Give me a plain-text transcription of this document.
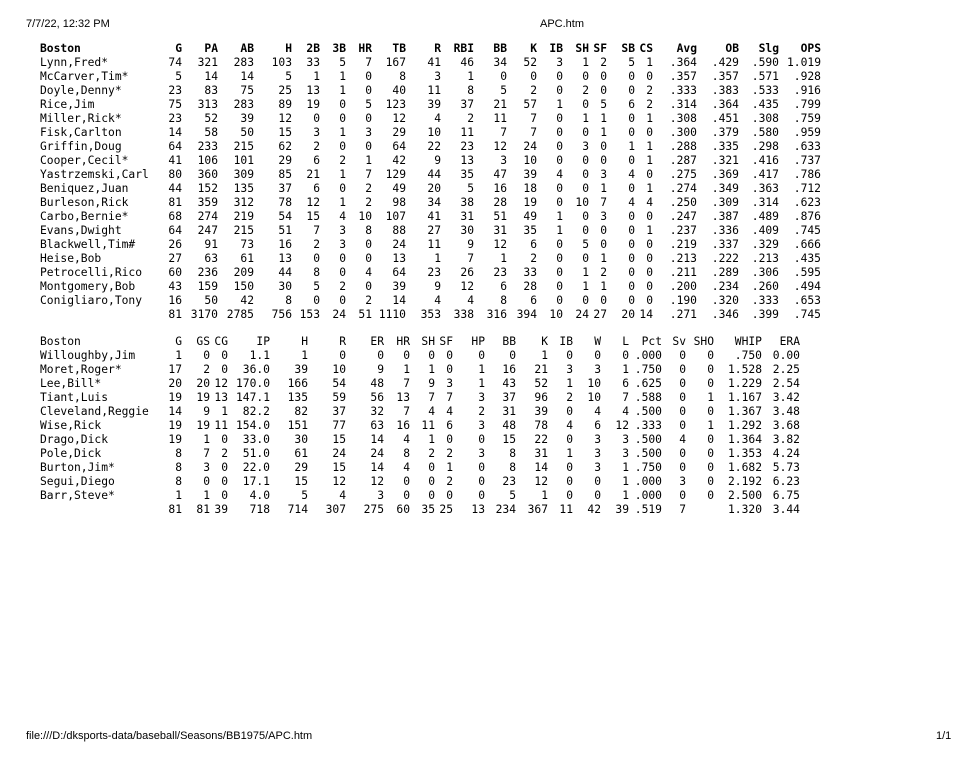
7/7/22, 12:32 PM	APC.htm
Boston	G	PA	AB	H	2B	3B	HR	TB	R	RBI	BB	K	IB	SH	SF	SB	CS	Avg	OB	Slg	OPS
Lynn,Fred*	74	321	283	103	33	5	7	167	41	46	34	52	3	1	2	5	1	.364	.429	.590	1.019
McCarver,Tim*	5	14	14	5	1	1	0	8	3	1	0	0	0	0	0	0	0	.357	.357	.571	.928
Doyle,Denny*	23	83	75	25	13	1	0	40	11	8	5	2	0	2	0	0	2	.333	.383	.533	.916
Rice,Jim	75	313	283	89	19	0	5	123	39	37	21	57	1	0	5	6	2	.314	.364	.435	.799
Miller,Rick*	23	52	39	12	0	0	0	12	4	2	11	7	0	1	1	0	1	.308	.451	.308	.759
Fisk,Carlton	14	58	50	15	3	1	3	29	10	11	7	7	0	0	1	0	0	.300	.379	.580	.959
Griffin,Doug	64	233	215	62	2	0	0	64	22	23	12	24	0	3	0	1	1	.288	.335	.298	.633
Cooper,Cecil*	41	106	101	29	6	2	1	42	9	13	3	10	0	0	0	0	1	.287	.321	.416	.737
Yastrzemski,Carl	80	360	309	85	21	1	7	129	44	35	47	39	4	0	3	4	0	.275	.369	.417	.786
Beniquez,Juan	44	152	135	37	6	0	2	49	20	5	16	18	0	0	1	0	1	.274	.349	.363	.712
Burleson,Rick	81	359	312	78	12	1	2	98	34	38	28	19	0	10	7	4	4	.250	.309	.314	.623
Carbo,Bernie*	68	274	219	54	15	4	10	107	41	31	51	49	1	0	3	0	0	.247	.387	.489	.876
Evans,Dwight	64	247	215	51	7	3	8	88	27	30	31	35	1	0	0	0	1	.237	.336	.409	.745
Blackwell,Tim#	26	91	73	16	2	3	0	24	11	9	12	6	0	5	0	0	0	.219	.337	.329	.666
Heise,Bob	27	63	61	13	0	0	0	13	1	7	1	2	0	0	1	0	0	.213	.222	.213	.435
Petrocelli,Rico	60	236	209	44	8	0	4	64	23	26	23	33	0	1	2	0	0	.211	.289	.306	.595
Montgomery,Bob	43	159	150	30	5	2	0	39	9	12	6	28	0	1	1	0	0	.200	.234	.260	.494
Conigliaro,Tony	16	50	42	8	0	0	2	14	4	4	8	6	0	0	0	0	0	.190	.320	.333	.653
	81	3170	2785	756	153	24	51	1110	353	338	316	394	10	24	27	20	14	.271	.346	.399	.745
Boston	G	GS	CG	IP	H	R	ER	HR	SH	SF	HP	BB	K	IB	W	L	Pct	Sv	SHO	WHIP	ERA
Willoughby,Jim	1	0	0	1.1	1	0	0	0	0	0	0	0	1	0	0	0	.000	0	0	.750	0.00
Moret,Roger*	17	2	0	36.0	39	10	9	1	1	0	1	16	21	3	3	1	.750	0	0	1.528	2.25
Lee,Bill*	20	20	12	170.0	166	54	48	7	9	3	1	43	52	1	10	6	.625	0	0	1.229	2.54
Tiant,Luis	19	19	13	147.1	135	59	56	13	7	7	3	37	96	2	10	7	.588	0	1	1.167	3.42
Cleveland,Reggie	14	9	1	82.2	82	37	32	7	4	4	2	31	39	0	4	4	.500	0	0	1.367	3.48
Wise,Rick	19	19	11	154.0	151	77	63	16	11	6	3	48	78	4	6	12	.333	0	1	1.292	3.68
Drago,Dick	19	1	0	33.0	30	15	14	4	1	0	0	15	22	0	3	3	.500	4	0	1.364	3.82
Pole,Dick	8	7	2	51.0	61	24	24	8	2	2	3	8	31	1	3	3	.500	0	0	1.353	4.24
Burton,Jim*	8	3	0	22.0	29	15	14	4	0	1	0	8	14	0	3	1	.750	0	0	1.682	5.73
Segui,Diego	8	0	0	17.1	15	12	12	0	0	2	0	23	12	0	0	1	.000	3	0	2.192	6.23
Barr,Steve*	1	1	0	4.0	5	4	3	0	0	0	0	5	1	0	0	1	.000	0	0	2.500	6.75
	81	81	39	718	714	307	275	60	35	25	13	234	367	11	42	39	.519	7		1.320	3.44
file:///D:/dksports-data/baseball/Seasons/BB1975/APC.htm	1/1
